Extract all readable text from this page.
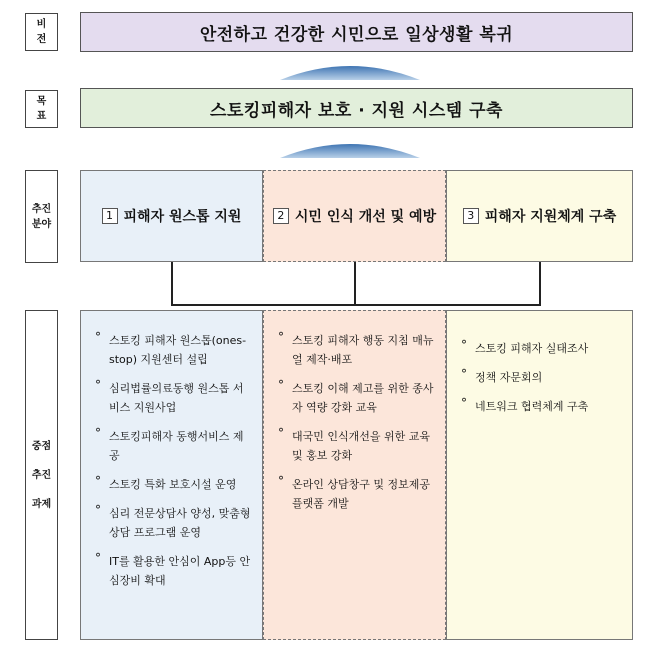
비
전
목
표
추진
분야
중점
추진
과제
안전하고 건강한 시민으로 일상생활 복귀
스토킹피해자 보호 · 지원 시스템 구축
1 피해자 원스톱 지원	2 시민 인식 개선 및 예방	3 피해자 지원체계 구축
° 스토킹 피해자 원스톱(ones-stop) 지원센터 설립
° 심리법률의료동행 원스톱 서비스 지원사업
° 스토킹피해자 동행서비스 제공
° 스토킹 특화 보호시설 운영
° 심리 전문상담사 양성, 맞춤형 상담 프로그램 운영
° IT를 활용한 안심이 App등 안심장비 확대
° 스토킹 피해자 행동 지침 매뉴얼 제작·배포
° 스토킹 이해 제고를 위한 종사자 역량 강화 교육
° 대국민 인식개선을 위한 교육 및 홍보 강화
° 온라인 상담창구 및 정보제공 플랫폼 개발
° 스토킹 피해자 실태조사
° 정책 자문회의
° 네트워크 협력체계 구축
